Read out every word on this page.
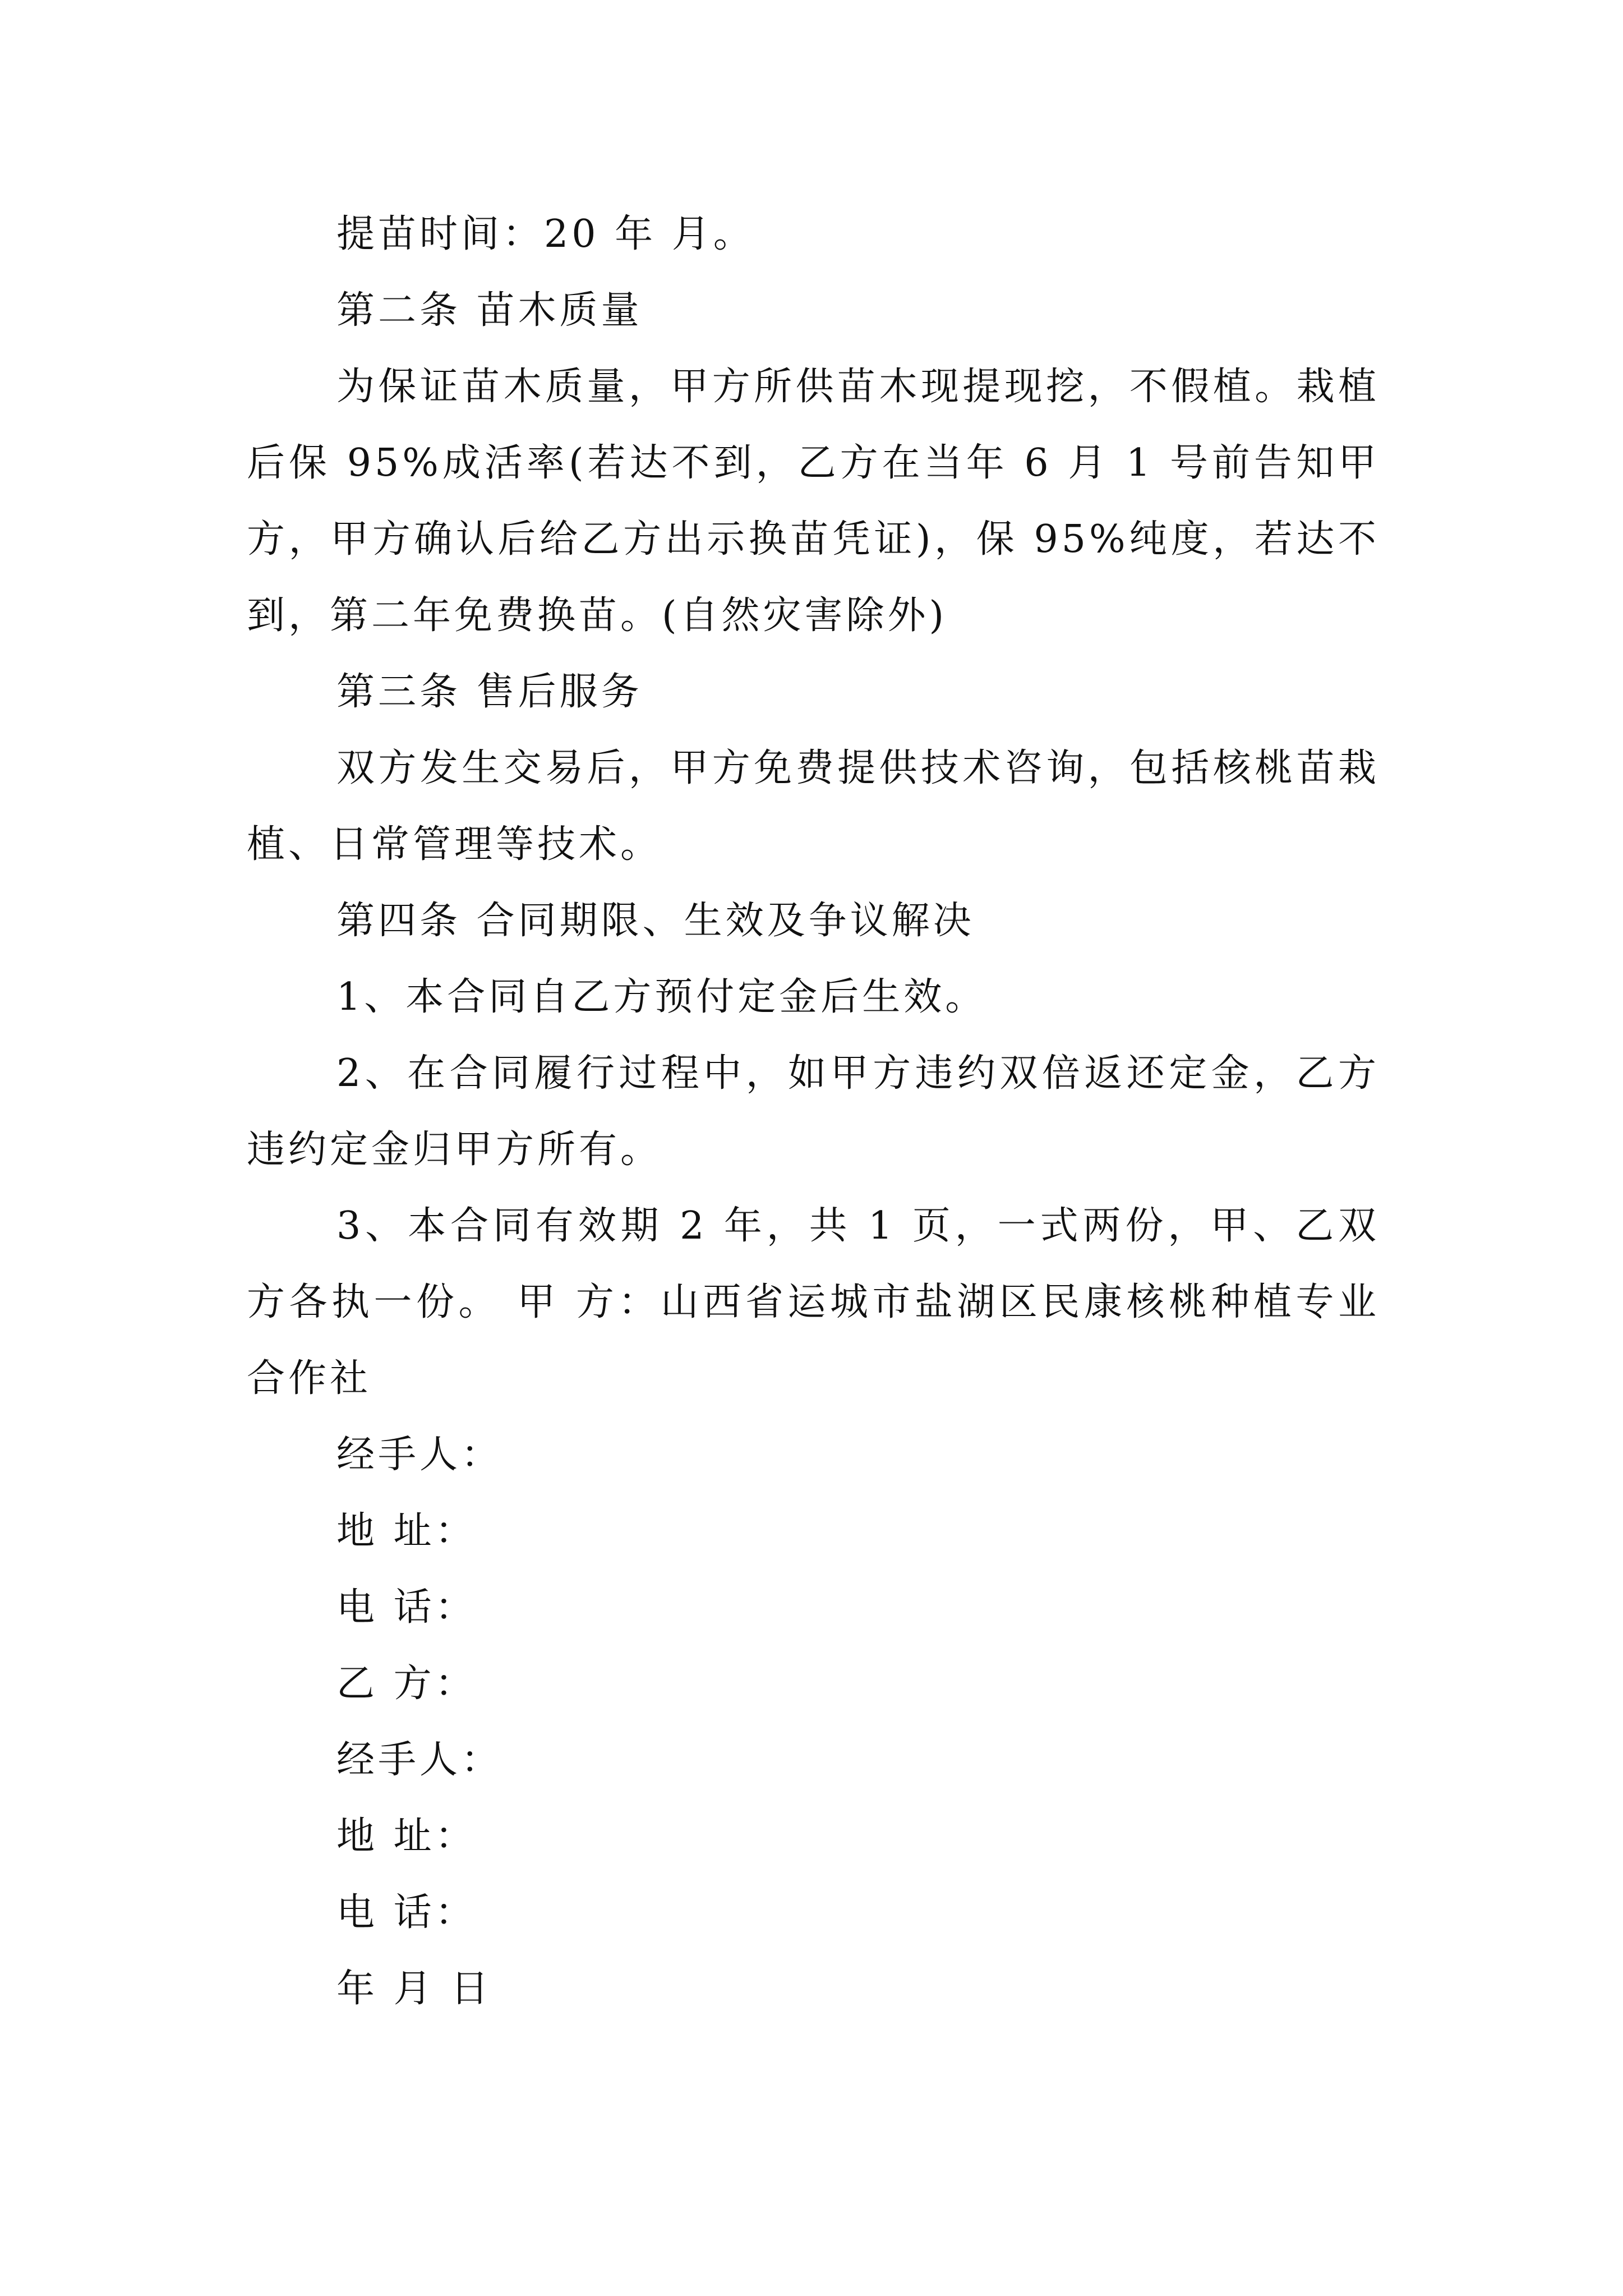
提苗时间：20 年 月。

第二条 苗木质量

为保证苗木质量，甲方所供苗木现提现挖，不假植。栽植后保 95%成活率(若达不到，乙方在当年 6 月 1 号前告知甲方，甲方确认后给乙方出示换苗凭证)，保 95%纯度，若达不到，第二年免费换苗。(自然灾害除外)

第三条 售后服务

双方发生交易后，甲方免费提供技术咨询，包括核桃苗栽植、日常管理等技术。

第四条 合同期限、生效及争议解决

1、本合同自乙方预付定金后生效。

2、在合同履行过程中，如甲方违约双倍返还定金，乙方违约定金归甲方所有。

3、本合同有效期 2 年，共 1 页，一式两份，甲、乙双方各执一份。 甲 方：山西省运城市盐湖区民康核桃种植专业合作社

经手人：

地 址：

电 话：

乙 方：

经手人：

地 址：

电 话：

年 月 日
